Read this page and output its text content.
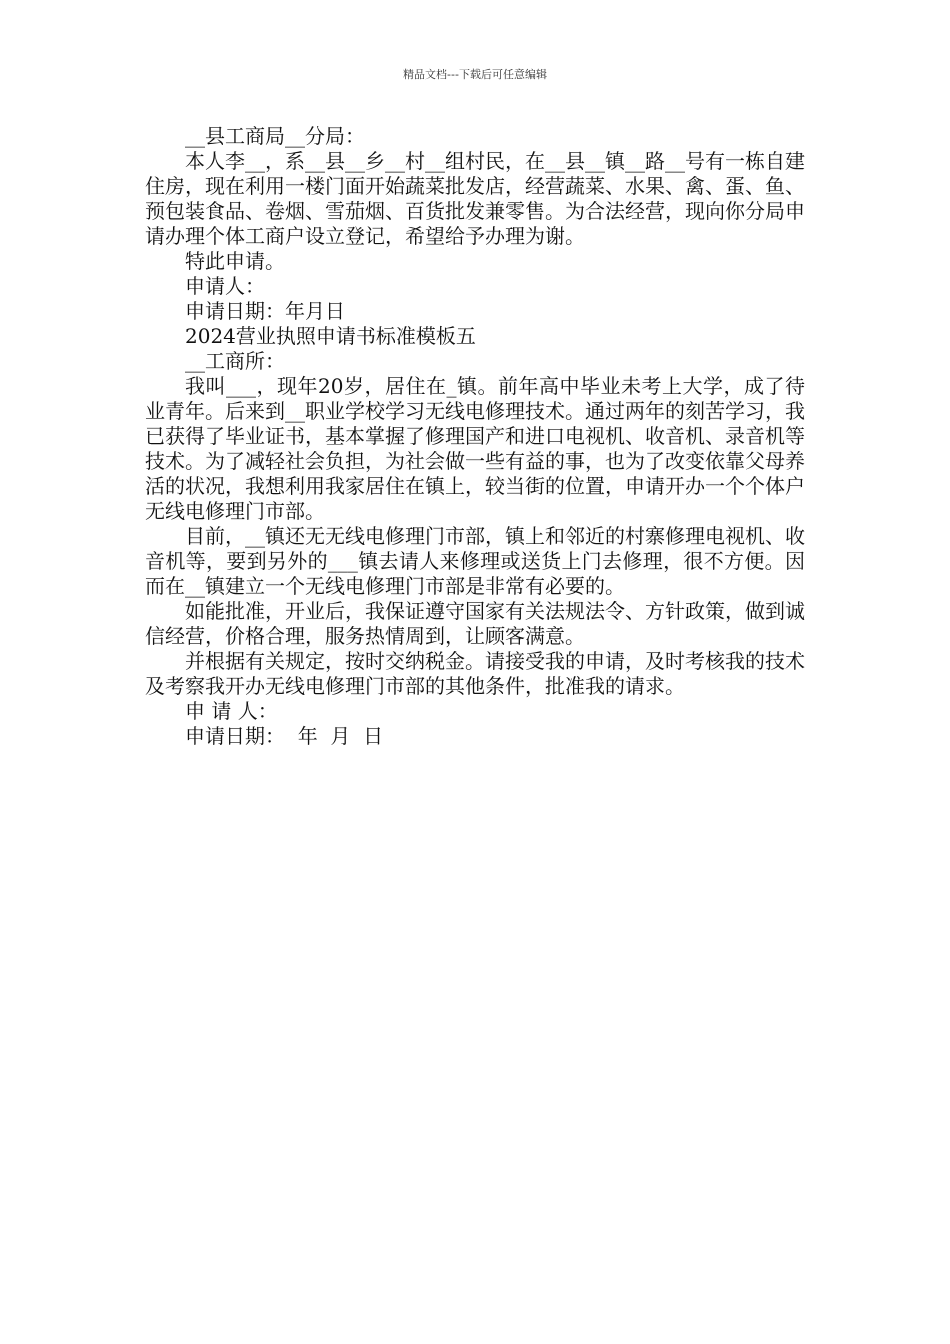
精品文档---下载后可任意编辑

__县工商局__分局：

本人李__，系__县__乡__村__组村民，在__县__镇__路__号有一栋自建住房，现在利用一楼门面开始蔬菜批发店，经营蔬菜、水果、禽、蛋、鱼、预包装食品、卷烟、雪茄烟、百货批发兼零售。为合法经营，现向你分局申请办理个体工商户设立登记，希望给予办理为谢。

特此申请。

申请人：

申请日期：年月日

2024营业执照申请书标准模板五

__工商所：

我叫___，现年20岁，居住在_镇。前年高中毕业未考上大学，成了待业青年。后来到__职业学校学习无线电修理技术。通过两年的刻苦学习，我已获得了毕业证书，基本掌握了修理国产和进口电视机、收音机、录音机等技术。为了减轻社会负担，为社会做一些有益的事，也为了改变依靠父母养活的状况，我想利用我家居住在镇上，较当街的位置，申请开办一个个体户无线电修理门市部。

目前，__镇还无无线电修理门市部，镇上和邻近的村寨修理电视机、收音机等，要到另外的___镇去请人来修理或送货上门去修理，很不方便。因而在__镇建立一个无线电修理门市部是非常有必要的。

如能批准，开业后，我保证遵守国家有关法规法令、方针政策，做到诚信经营，价格合理，服务热情周到，让顾客满意。

并根据有关规定，按时交纳税金。请接受我的申请，及时考核我的技术及考察我开办无线电修理门市部的其他条件，批准我的请求。

申 请 人：

申请日期：  年  月  日
